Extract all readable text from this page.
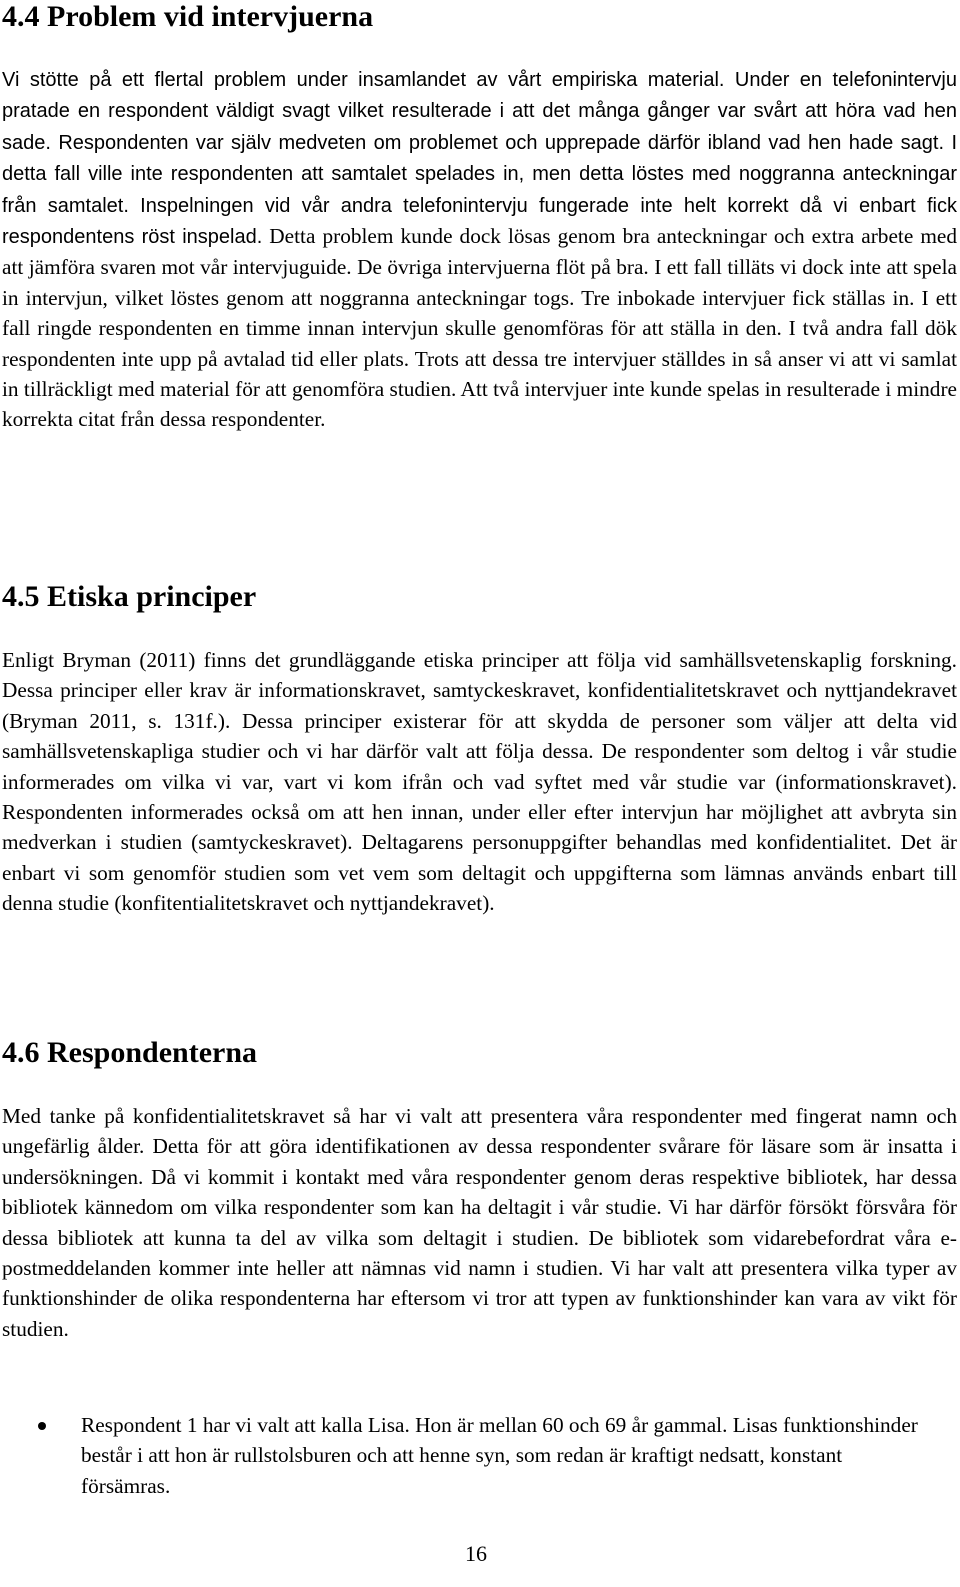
4.4 Problem vid intervjuerna

Vi stötte på ett flertal problem under insamlandet av vårt empiriska material. Under en telefonintervju pratade en respondent väldigt svagt vilket resulterade i att det många gånger var svårt att höra vad hen sade. Respondenten var själv medveten om problemet och upprepade därför ibland vad hen hade sagt. I detta fall ville inte respondenten att samtalet spelades in, men detta löstes med noggranna anteckningar från samtalet. Inspelningen vid vår andra telefonintervju fungerade inte helt korrekt då vi enbart fick respondentens röst inspelad. Detta problem kunde dock lösas genom bra anteckningar och extra arbete med att jämföra svaren mot vår intervjuguide. De övriga intervjuerna flöt på bra. I ett fall tilläts vi dock inte att spela in intervjun, vilket löstes genom att noggranna anteckningar togs. Tre inbokade intervjuer fick ställas in. I ett fall ringde respondenten en timme innan intervjun skulle genomföras för att ställa in den. I två andra fall dök respondenten inte upp på avtalad tid eller plats. Trots att dessa tre intervjuer ställdes in så anser vi att vi samlat in tillräckligt med material för att genomföra studien. Att två intervjuer inte kunde spelas in resulterade i mindre korrekta citat från dessa respondenter.

4.5 Etiska principer

Enligt Bryman (2011) finns det grundläggande etiska principer att följa vid samhällsvetenskaplig forskning. Dessa principer eller krav är informationskravet, samtyckeskravet, konfidentialitetskravet och nyttjandekravet (Bryman 2011, s. 131f.). Dessa principer existerar för att skydda de personer som väljer att delta vid samhällsvetenskapliga studier och vi har därför valt att följa dessa. De respondenter som deltog i vår studie informerades om vilka vi var, vart vi kom ifrån och vad syftet med vår studie var (informationskravet). Respondenten informerades också om att hen innan, under eller efter intervjun har möjlighet att avbryta sin medverkan i studien (samtyckeskravet). Deltagarens personuppgifter behandlas med konfidentialitet. Det är enbart vi som genomför studien som vet vem som deltagit och uppgifterna som lämnas används enbart till denna studie (konfitentialitetskravet och nyttjandekravet).

4.6 Respondenterna

Med tanke på konfidentialitetskravet så har vi valt att presentera våra respondenter med fingerat namn och ungefärlig ålder. Detta för att göra identifikationen av dessa respondenter svårare för läsare som är insatta i undersökningen. Då vi kommit i kontakt med våra respondenter genom deras respektive bibliotek, har dessa bibliotek kännedom om vilka respondenter som kan ha deltagit i vår studie. Vi har därför försökt försvåra för dessa bibliotek att kunna ta del av vilka som deltagit i studien. De bibliotek som vidarebefordrat våra e-postmeddelanden kommer inte heller att nämnas vid namn i studien. Vi har valt att presentera vilka typer av funktionshinder de olika respondenterna har eftersom vi tror att typen av funktionshinder kan vara av vikt för studien.

Respondent 1 har vi valt att kalla Lisa. Hon är mellan 60 och 69 år gammal. Lisas funktionshinder består i att hon är rullstolsburen och att henne syn, som redan är kraftigt nedsatt, konstant försämras.
16
